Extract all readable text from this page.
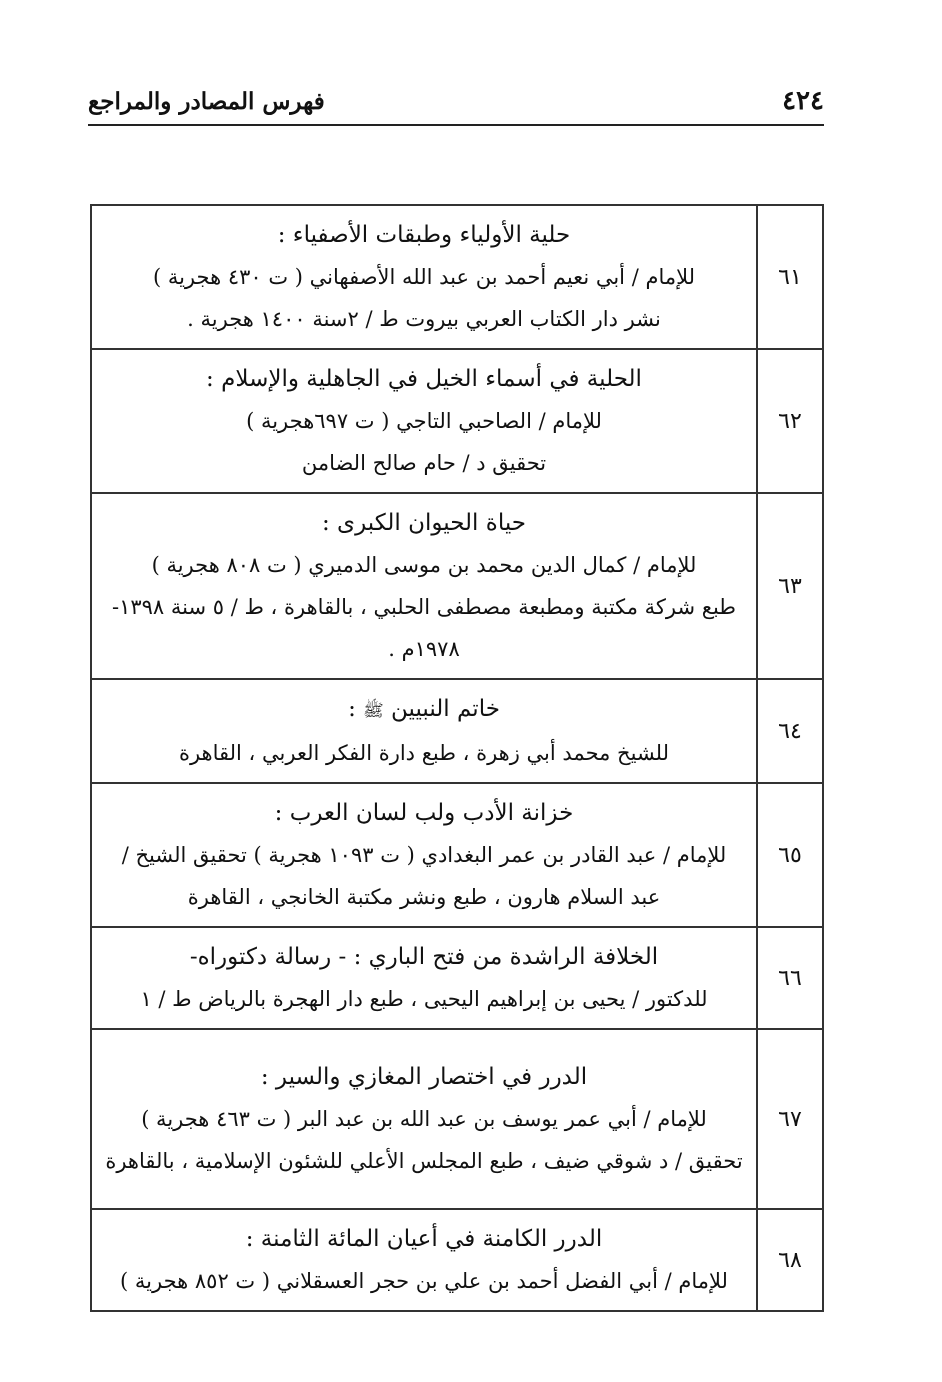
٤٢٤
فهرس المصادر والمراجع
٦١	حلية الأولياء وطبقات الأصفياء :
للإمام / أبي نعيم أحمد بن عبد الله الأصفهاني ( ت ٤٣٠ هجرية )
نشر دار الكتاب العربي بيروت ط / ٢سنة ١٤٠٠ هجرية .

٦٢	الحلية في أسماء الخيل في الجاهلية والإسلام :
للإمام / الصاحبي التاجي ( ت ٦٩٧هجرية )
تحقيق د / حام صالح الضامن

٦٣	حياة الحيوان الكبرى :
للإمام / كمال الدين محمد بن موسى الدميري ( ت ٨٠٨ هجرية )
طبع شركة مكتبة ومطبعة مصطفى الحلبي ، بالقاهرة ، ط / ٥ سنة ١٣٩٨- ١٩٧٨م .

٦٤	خاتم النبيين ﷺ :
للشيخ محمد أبي زهرة ، طبع دارة الفكر العربي ، القاهرة

٦٥	خزانة الأدب ولب لسان العرب :
للإمام / عبد القادر بن عمر البغدادي ( ت ١٠٩٣ هجرية ) تحقيق الشيخ /
عبد السلام هارون ، طبع ونشر مكتبة الخانجي ، القاهرة

٦٦	الخلافة الراشدة من فتح الباري : - رسالة دكتوراه-
للدكتور / يحيى بن إبراهيم اليحيى ، طبع دار الهجرة بالرياض ط / ١

٦٧	الدرر في اختصار المغازي والسير :
للإمام / أبي عمر يوسف بن عبد الله بن عبد البر ( ت ٤٦٣ هجرية )
تحقيق / د شوقي ضيف ، طبع المجلس الأعلي للشئون الإسلامية ، بالقاهرة

٦٨	الدرر الكامنة في أعيان المائة الثامنة :
للإمام / أبي الفضل أحمد بن علي بن حجر العسقلاني ( ت ٨٥٢ هجرية )
